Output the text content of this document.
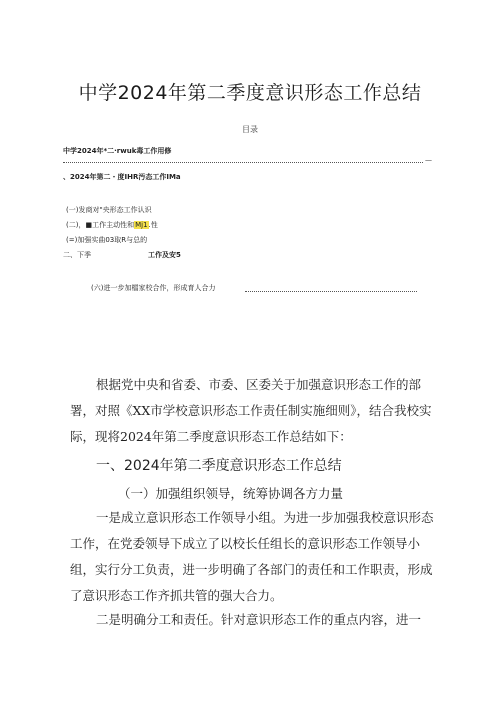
中学2024年第二季度意识形态工作总结
目录
中学2024年*二·rwuk毒工作用修
—
、2024年第二・度IHR汚态工作IMa
(一)发商对"央形态工作认识
(二)，■工作主动性和Mj1.性
(=)加强实曲03取R与总的
二、下季	工作及安5
(六)进一步加檔家校合作，形成育人合力
根据党中央和省委、市委、区委关于加强意识形态工作的部署，对照《XX市学校意识形态工作责任制实施细则》，结合我校实际，现将2024年第二季度意识形态工作总结如下：
一、2024年第二季度意识形态工作总结
（一）加强组织领导，统筹协调各方力量
一是成立意识形态工作领导小组。为进一步加强我校意识形态工作，在党委领导下成立了以校长任组长的意识形态工作领导小组，实行分工负责，进一步明确了各部门的责任和工作职责，形成了意识形态工作齐抓共管的强大合力。
二是明确分工和责任。针对意识形态工作的重点内容，进一
